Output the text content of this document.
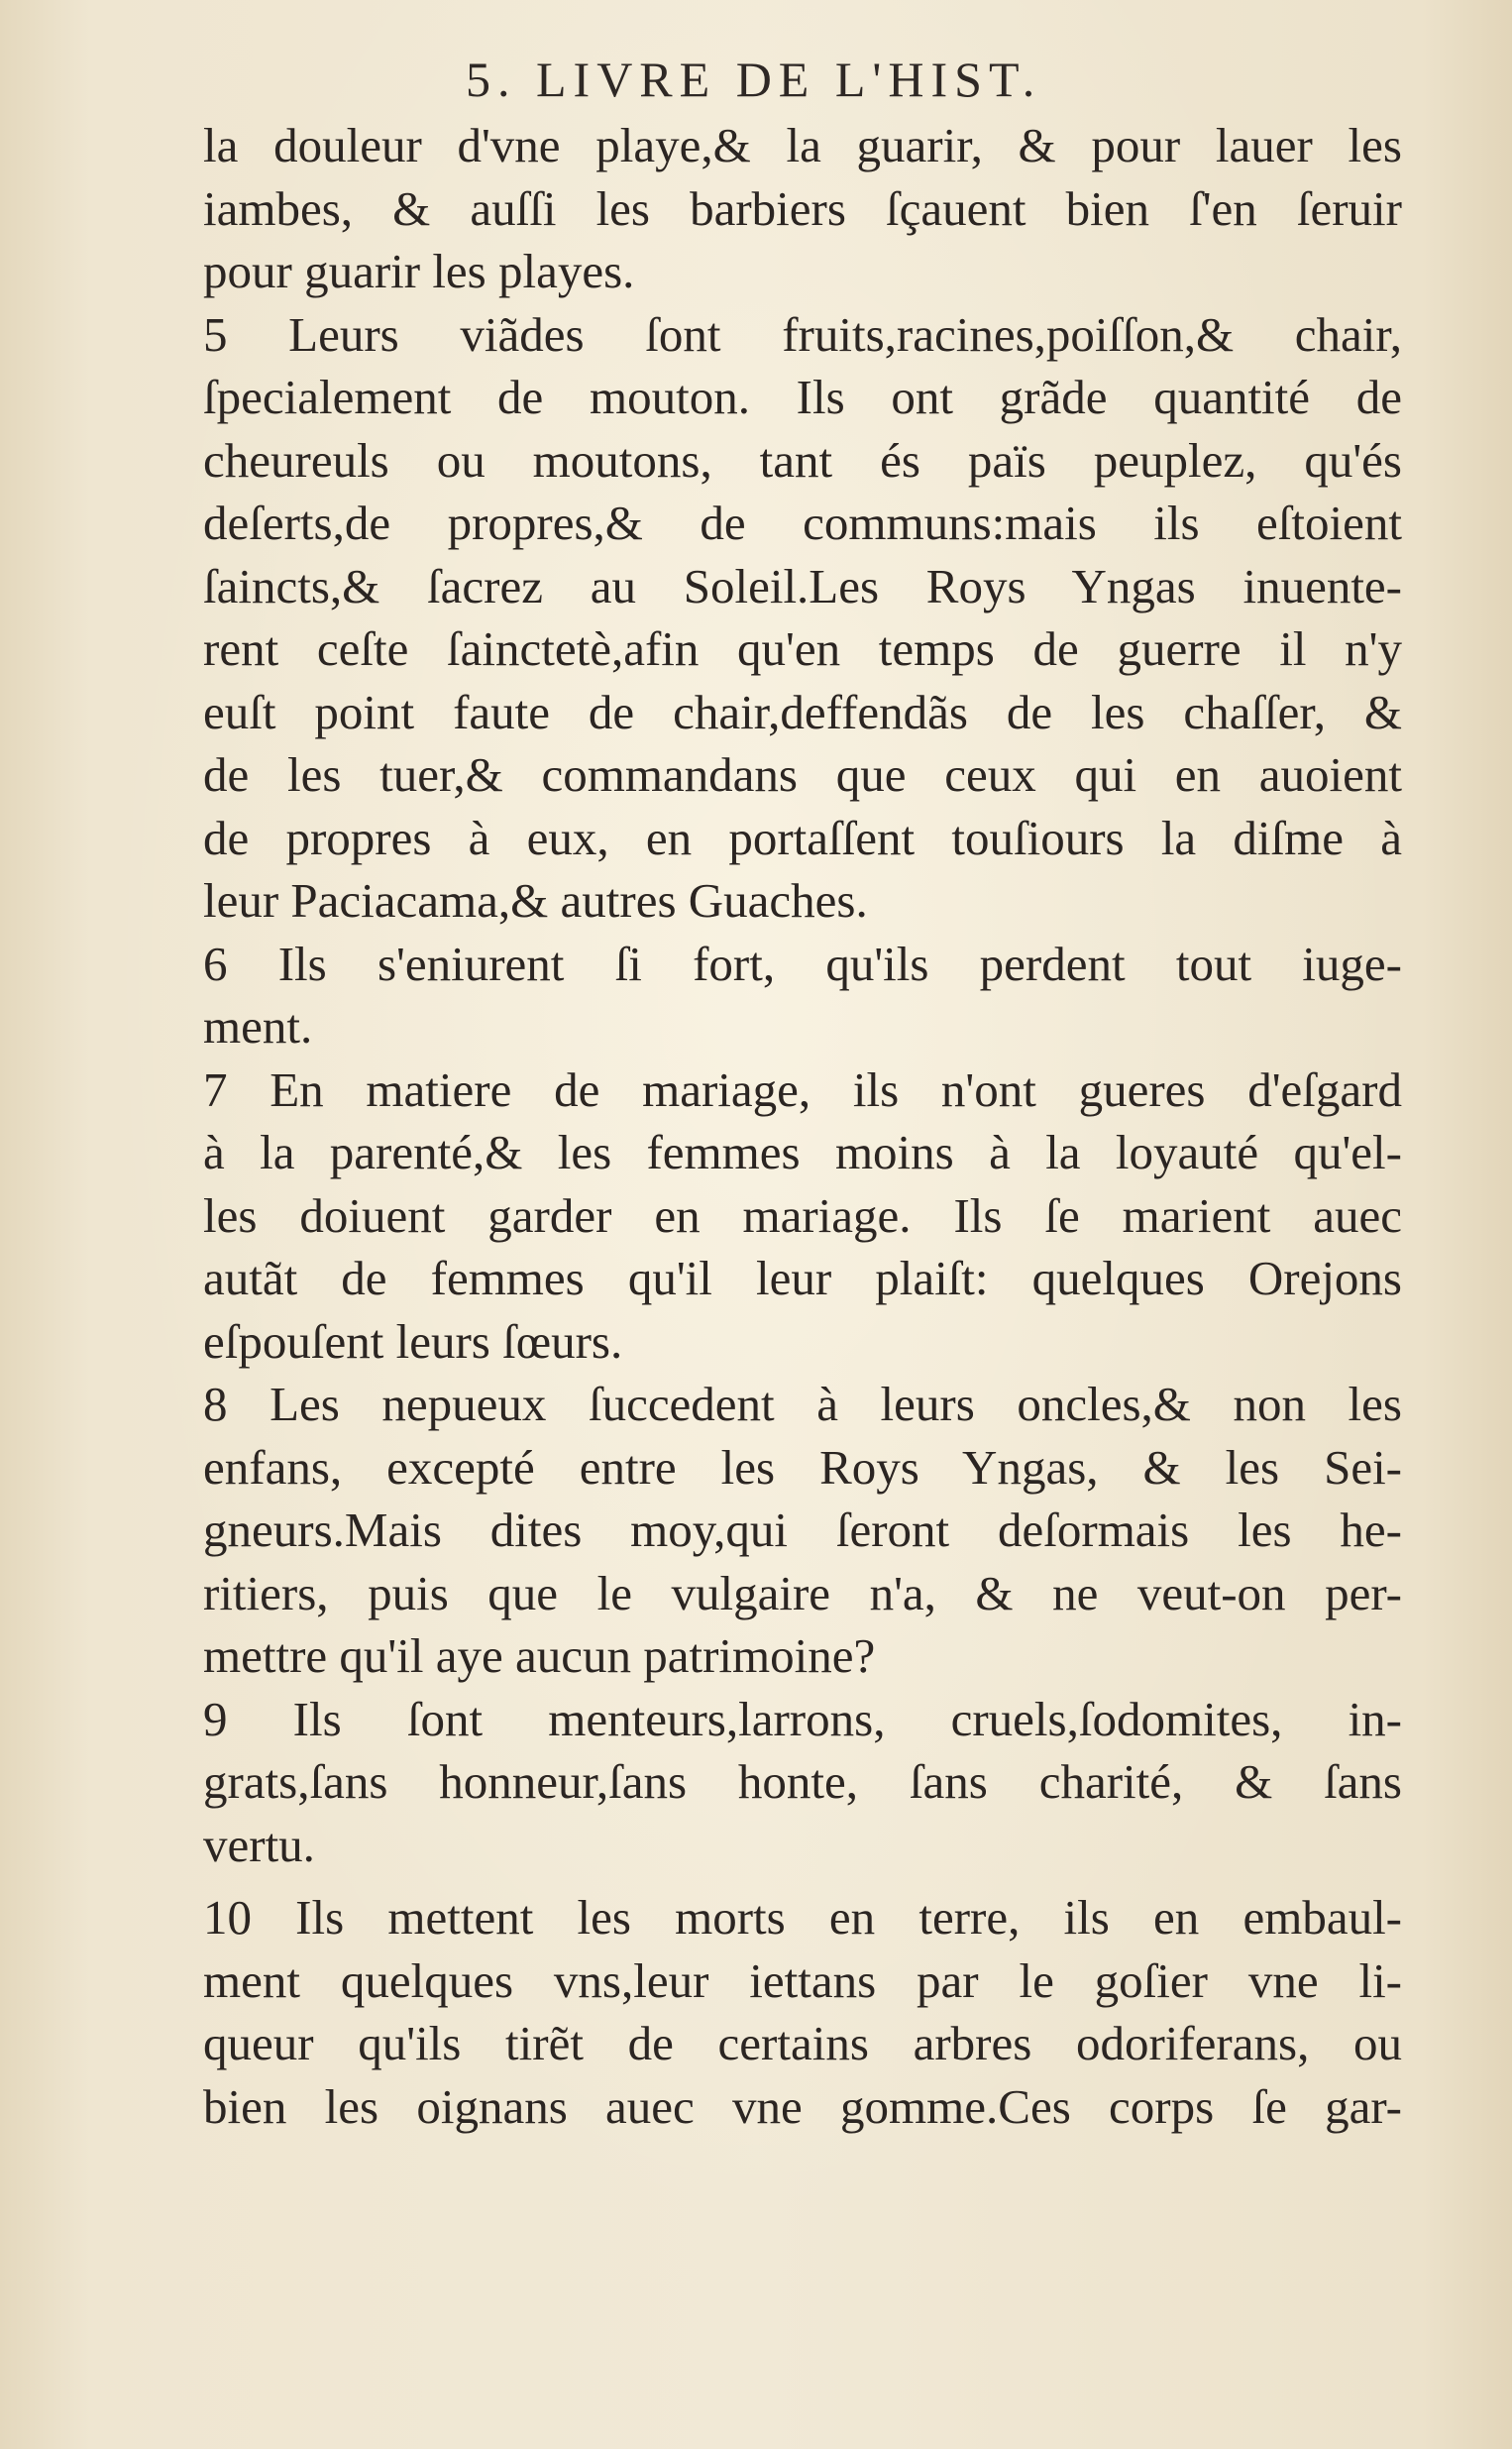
5. LIVRE DE L'HIST.
la douleur d'vne playe,& la guarir, & pour lauer les
iambes, & auſſi les barbiers ſçauent bien ſ'en ſeruir
pour guarir les playes.
5 Leurs viãdes ſont fruits,racines,poiſſon,& chair,
ſpecialement de mouton. Ils ont grãde quantité de
cheureuls ou moutons, tant és païs peuplez, qu'és
deſerts,de propres,& de communs:mais ils eſtoient
ſaincts,& ſacrez au Soleil.Les Roys Yngas inuente-
rent ceſte ſainctetè,afin qu'en temps de guerre il n'y
euſt point faute de chair,deffendãs de les chaſſer, &
de les tuer,& commandans que ceux qui en auoient
de propres à eux, en portaſſent touſiours la diſme à
leur Paciacama,& autres Guaches.
6 Ils s'eniurent ſi fort, qu'ils perdent tout iuge-
ment.
7 En matiere de mariage, ils n'ont gueres d'eſgard
à la parenté,& les femmes moins à la loyauté qu'el-
les doiuent garder en mariage. Ils ſe marient auec
autãt de femmes qu'il leur plaiſt: quelques Orejons
eſpouſent leurs ſœurs.
8 Les nepueux ſuccedent à leurs oncles,& non les
enfans, excepté entre les Roys Yngas, & les Sei-
gneurs.Mais dites moy,qui ſeront deſormais les he-
ritiers, puis que le vulgaire n'a, & ne veut-on per-
mettre qu'il aye aucun patrimoine?
9 Ils ſont menteurs,larrons, cruels,ſodomites, in-
grats,ſans honneur,ſans honte, ſans charité, & ſans
vertu.
10 Ils mettent les morts en terre, ils en embaul-
ment quelques vns,leur iettans par le goſier vne li-
queur qu'ils tirẽt de certains arbres odoriferans, ou
bien les oignans auec vne gomme.Ces corps ſe gar-
